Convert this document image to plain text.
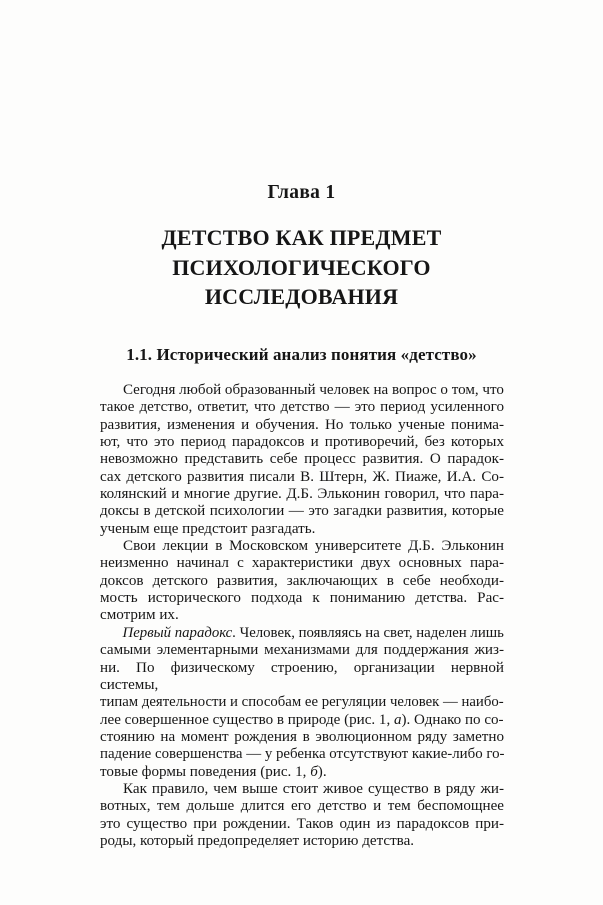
Глава 1
ДЕТСТВО КАК ПРЕДМЕТ
ПСИХОЛОГИЧЕСКОГО
ИССЛЕДОВАНИЯ
1.1. Исторический анализ понятия «детство»

Сегодня любой образованный человек на вопрос о том, что
такое детство, ответит, что детство — это период усиленного
развития, изменения и обучения. Но только ученые понима-
ют, что это период парадоксов и противоречий, без которых
невозможно представить себе процесс развития. О парадок-
сах детского развития писали В. Штерн, Ж. Пиаже, И.А. Со-
колянский и многие другие. Д.Б. Эльконин говорил, что пара-
доксы в детской психологии — это загадки развития, которые
ученым еще предстоит разгадать.

Свои лекции в Московском университете Д.Б. Эльконин
неизменно начинал с характеристики двух основных пара-
доксов детского развития, заключающих в себе необходи-
мость исторического подхода к пониманию детства. Рас-
смотрим их.

Первый парадокс. Человек, появляясь на свет, наделен лишь
самыми элементарными механизмами для поддержания жиз-
ни. По физическому строению, организации нервной системы,
типам деятельности и способам ее регуляции человек — наибо- лее совершенное существо в природе (рис. 1, а). Однако по со-
стоянию на момент рождения в эволюционном ряду заметно
падение совершенства — у ребенка отсутствуют какие-либо го-
товые формы поведения (рис. 1, б).

Как правило, чем выше стоит живое существо в ряду жи-
вотных, тем дольше длится его детство и тем беспомощнее
это существо при рождении. Таков один из парадоксов при-
роды, который предопределяет историю детства.
